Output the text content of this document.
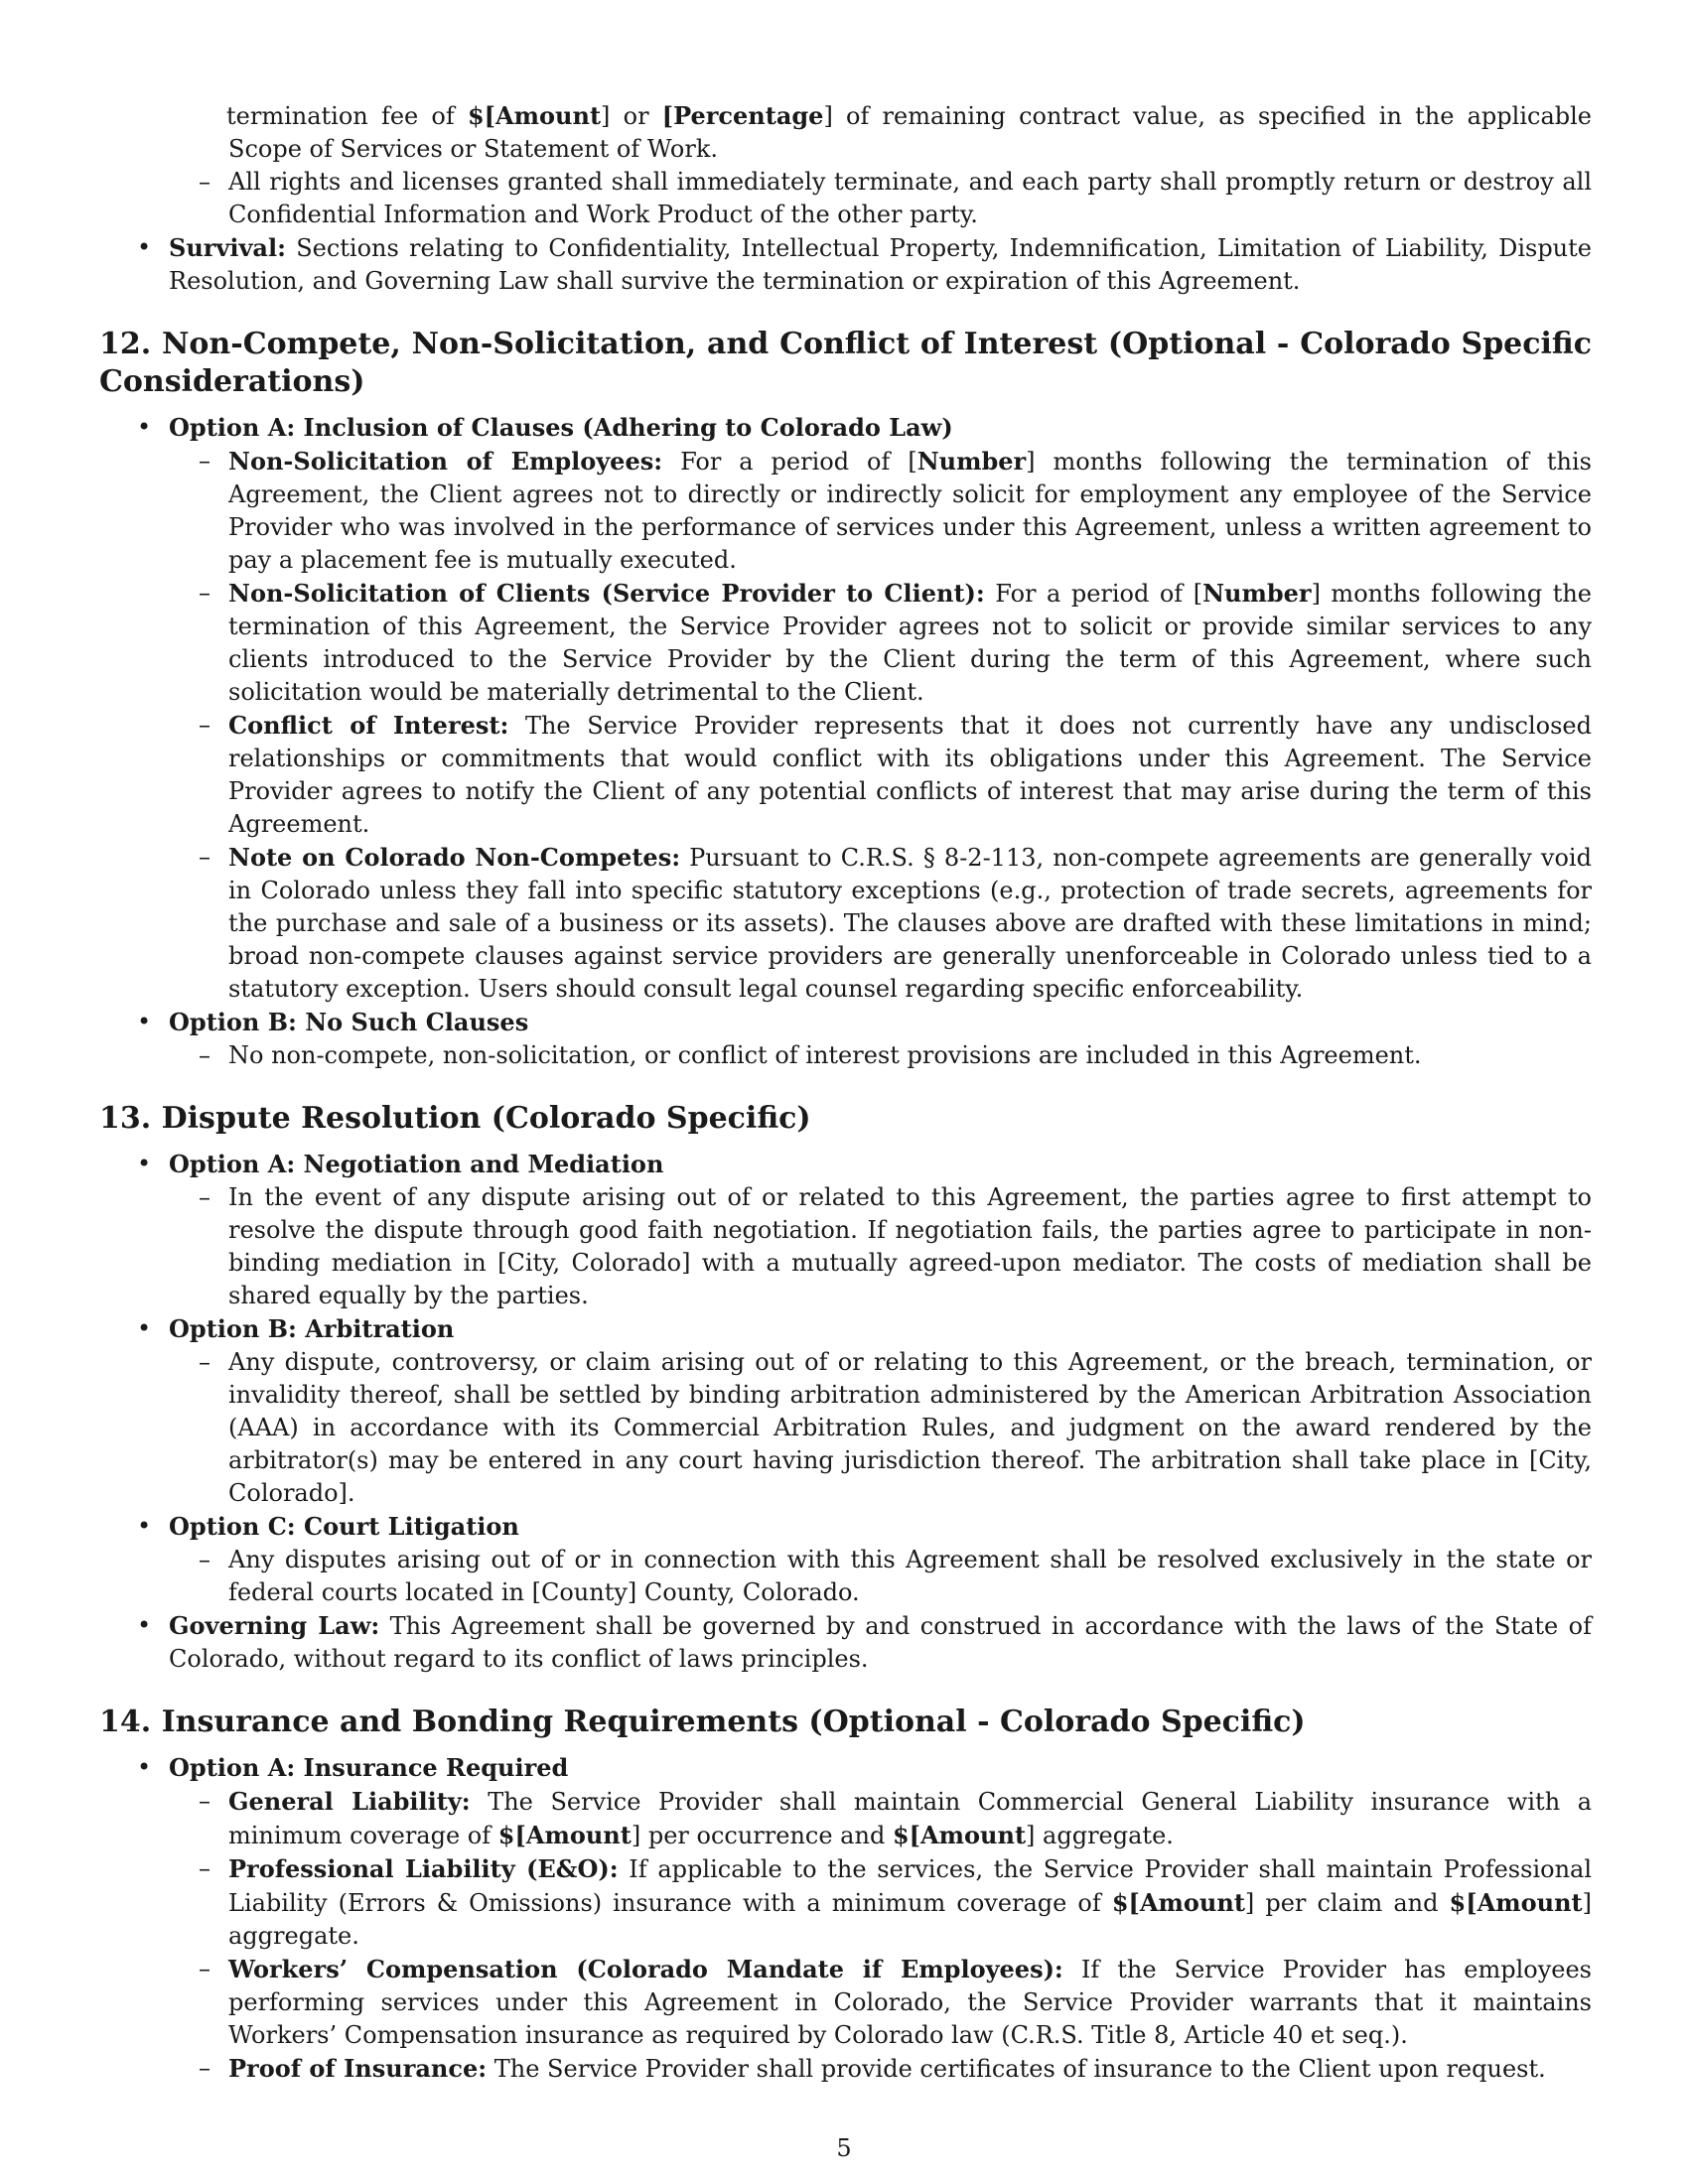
termination fee of $[Amount] or [Percentage] of remaining contract value, as specified in the applicable Scope of Services or Statement of Work.
– All rights and licenses granted shall immediately terminate, and each party shall promptly return or destroy all Confidential Information and Work Product of the other party.
• Survival: Sections relating to Confidentiality, Intellectual Property, Indemnification, Limitation of Liability, Dispute Resolution, and Governing Law shall survive the termination or expiration of this Agreement.
12. Non-Compete, Non-Solicitation, and Conflict of Interest (Optional - Colorado Specific Considerations)
• Option A: Inclusion of Clauses (Adhering to Colorado Law)
– Non-Solicitation of Employees: For a period of [Number] months following the termination of this Agreement, the Client agrees not to directly or indirectly solicit for employment any employee of the Service Provider who was involved in the performance of services under this Agreement, unless a written agreement to pay a placement fee is mutually executed.
– Non-Solicitation of Clients (Service Provider to Client): For a period of [Number] months following the termination of this Agreement, the Service Provider agrees not to solicit or provide similar services to any clients introduced to the Service Provider by the Client during the term of this Agreement, where such solicitation would be materially detrimental to the Client.
– Conflict of Interest: The Service Provider represents that it does not currently have any undisclosed relationships or commitments that would conflict with its obligations under this Agreement. The Service Provider agrees to notify the Client of any potential conflicts of interest that may arise during the term of this Agreement.
– Note on Colorado Non-Competes: Pursuant to C.R.S. § 8-2-113, non-compete agreements are generally void in Colorado unless they fall into specific statutory exceptions (e.g., protection of trade secrets, agreements for the purchase and sale of a business or its assets). The clauses above are drafted with these limitations in mind; broad non-compete clauses against service providers are generally unenforceable in Colorado unless tied to a statutory exception. Users should consult legal counsel regarding specific enforceability.
• Option B: No Such Clauses
– No non-compete, non-solicitation, or conflict of interest provisions are included in this Agreement.
13. Dispute Resolution (Colorado Specific)
• Option A: Negotiation and Mediation
– In the event of any dispute arising out of or related to this Agreement, the parties agree to first attempt to resolve the dispute through good faith negotiation. If negotiation fails, the parties agree to participate in non-binding mediation in [City, Colorado] with a mutually agreed-upon mediator. The costs of mediation shall be shared equally by the parties.
• Option B: Arbitration
– Any dispute, controversy, or claim arising out of or relating to this Agreement, or the breach, termination, or invalidity thereof, shall be settled by binding arbitration administered by the American Arbitration Association (AAA) in accordance with its Commercial Arbitration Rules, and judgment on the award rendered by the arbitrator(s) may be entered in any court having jurisdiction thereof. The arbitration shall take place in [City, Colorado].
• Option C: Court Litigation
– Any disputes arising out of or in connection with this Agreement shall be resolved exclusively in the state or federal courts located in [County] County, Colorado.
• Governing Law: This Agreement shall be governed by and construed in accordance with the laws of the State of Colorado, without regard to its conflict of laws principles.
14. Insurance and Bonding Requirements (Optional - Colorado Specific)
• Option A: Insurance Required
– General Liability: The Service Provider shall maintain Commercial General Liability insurance with a minimum coverage of $[Amount] per occurrence and $[Amount] aggregate.
– Professional Liability (E&O): If applicable to the services, the Service Provider shall maintain Professional Liability (Errors & Omissions) insurance with a minimum coverage of $[Amount] per claim and $[Amount] aggregate.
– Workers’ Compensation (Colorado Mandate if Employees): If the Service Provider has employees performing services under this Agreement in Colorado, the Service Provider warrants that it maintains Workers’ Compensation insurance as required by Colorado law (C.R.S. Title 8, Article 40 et seq.).
– Proof of Insurance: The Service Provider shall provide certificates of insurance to the Client upon request.
5
